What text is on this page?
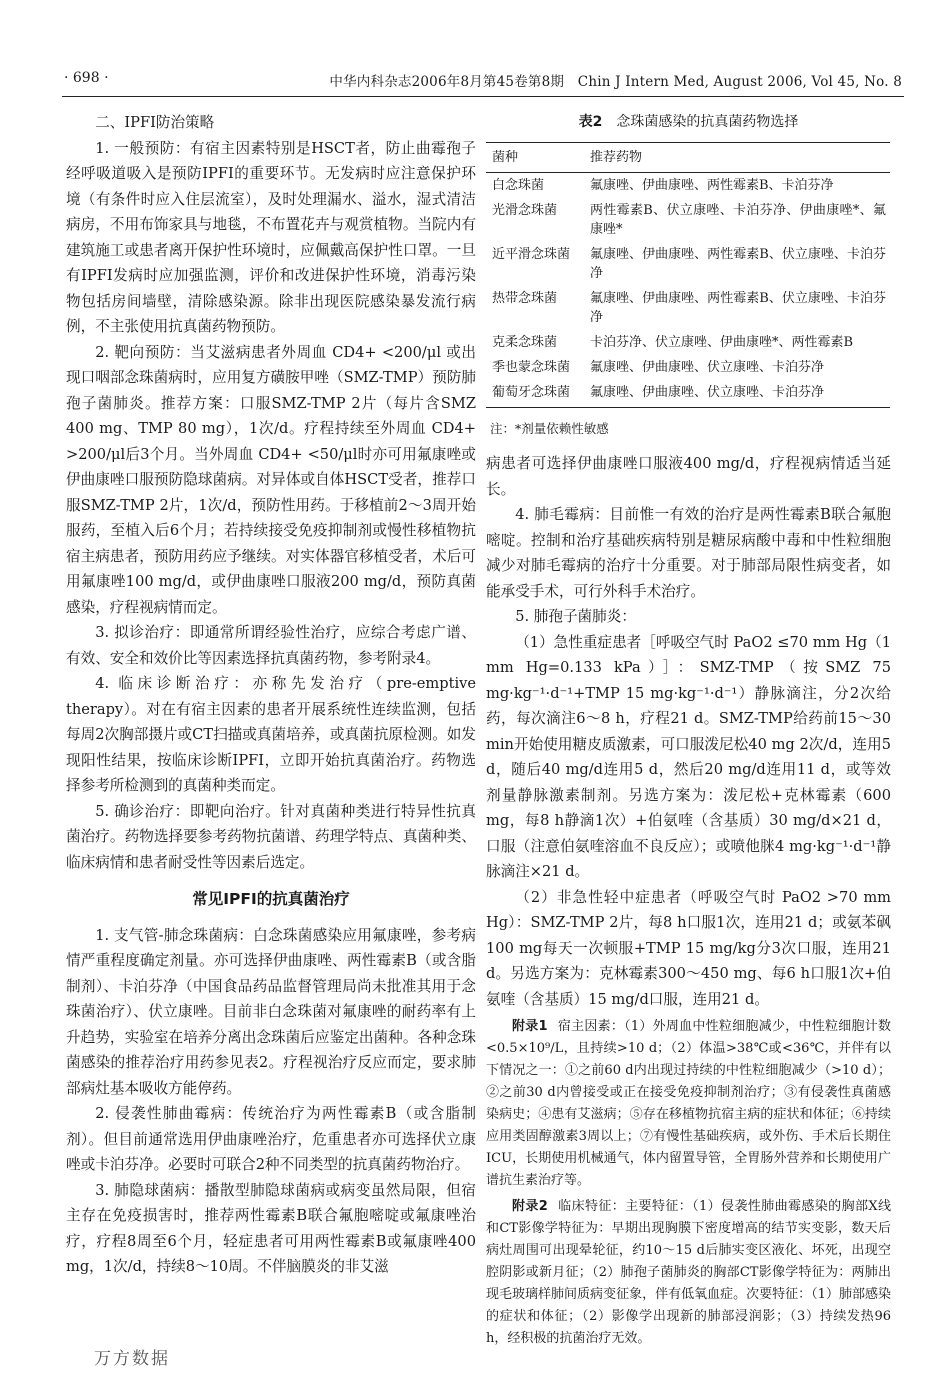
· 698 ·	中华内科杂志2006年8月第45卷第8期　Chin J Intern Med, August 2006, Vol 45, No. 8

二、IPFI防治策略

1. 一般预防：有宿主因素特别是HSCT者，防止曲霉孢子经呼吸道吸入是预防IPFI的重要环节。无发病时应注意保护环境（有条件时应入住层流室），及时处理漏水、溢水，湿式清洁病房，不用布饰家具与地毯，不布置花卉与观赏植物。当院内有建筑施工或患者离开保护性环境时，应佩戴高保护性口罩。一旦有IPFI发病时应加强监测，评价和改进保护性环境，消毒污染物包括房间墙壁，清除感染源。除非出现医院感染暴发流行病例，不主张使用抗真菌药物预防。

2. 靶向预防：当艾滋病患者外周血 CD4+ <200/μl 或出现口咽部念珠菌病时，应用复方磺胺甲唑（SMZ-TMP）预防肺孢子菌肺炎。推荐方案：口服SMZ-TMP 2片（每片含SMZ 400 mg、TMP 80 mg），1次/d。疗程持续至外周血 CD4+ >200/μl后3个月。当外周血 CD4+ <50/μl时亦可用氟康唑或伊曲康唑口服预防隐球菌病。对异体或自体HSCT受者，推荐口服SMZ-TMP 2片，1次/d，预防性用药。于移植前2～3周开始服药，至植入后6个月；若持续接受免疫抑制剂或慢性移植物抗宿主病患者，预防用药应予继续。对实体器官移植受者，术后可用氟康唑100 mg/d，或伊曲康唑口服液200 mg/d，预防真菌感染，疗程视病情而定。

3. 拟诊治疗：即通常所谓经验性治疗，应综合考虑广谱、有效、安全和效价比等因素选择抗真菌药物，参考附录4。

4. 临床诊断治疗：亦称先发治疗（pre-emptive therapy）。对在有宿主因素的患者开展系统性连续监测，包括每周2次胸部摄片或CT扫描或真菌培养，或真菌抗原检测。如发现阳性结果，按临床诊断IPFI，立即开始抗真菌治疗。药物选择参考所检测到的真菌种类而定。

5. 确诊治疗：即靶向治疗。针对真菌种类进行特异性抗真菌治疗。药物选择要参考药物抗菌谱、药理学特点、真菌种类、临床病情和患者耐受性等因素后选定。

常见IPFI的抗真菌治疗

1. 支气管-肺念珠菌病：白念珠菌感染应用氟康唑，参考病情严重程度确定剂量。亦可选择伊曲康唑、两性霉素B（或含脂制剂）、卡泊芬净（中国食品药品监督管理局尚未批准其用于念珠菌治疗）、伏立康唑。目前非白念珠菌对氟康唑的耐药率有上升趋势，实验室在培养分离出念珠菌后应鉴定出菌种。各种念珠菌感染的推荐治疗用药参见表2。疗程视治疗反应而定，要求肺部病灶基本吸收方能停药。

2. 侵袭性肺曲霉病：传统治疗为两性霉素B（或含脂制剂）。但目前通常选用伊曲康唑治疗，危重患者亦可选择伏立康唑或卡泊芬净。必要时可联合2种不同类型的抗真菌药物治疗。

3. 肺隐球菌病：播散型肺隐球菌病或病变虽然局限，但宿主存在免疫损害时，推荐两性霉素B联合氟胞嘧啶或氟康唑治疗，疗程8周至6个月，轻症患者可用两性霉素B或氟康唑400 mg，1次/d，持续8～10周。不伴脑膜炎的非艾滋

表2 念珠菌感染的抗真菌药物选择
菌种	推荐药物
白念珠菌	氟康唑、伊曲康唑、两性霉素B、卡泊芬净
光滑念珠菌	两性霉素B、伏立康唑、卡泊芬净、伊曲康唑*、氟康唑*
近平滑念珠菌	氟康唑、伊曲康唑、两性霉素B、伏立康唑、卡泊芬净
热带念珠菌	氟康唑、伊曲康唑、两性霉素B、伏立康唑、卡泊芬净
克柔念珠菌	卡泊芬净、伏立康唑、伊曲康唑*、两性霉素B
季也蒙念珠菌	氟康唑、伊曲康唑、伏立康唑、卡泊芬净
葡萄牙念珠菌	氟康唑、伊曲康唑、伏立康唑、卡泊芬净
注：*剂量依赖性敏感

病患者可选择伊曲康唑口服液400 mg/d，疗程视病情适当延长。

4. 肺毛霉病：目前惟一有效的治疗是两性霉素B联合氟胞嘧啶。控制和治疗基础疾病特别是糖尿病酸中毒和中性粒细胞减少对肺毛霉病的治疗十分重要。对于肺部局限性病变者，如能承受手术，可行外科手术治疗。

5. 肺孢子菌肺炎：

（1）急性重症患者［呼吸空气时 PaO2 ≤70 mm Hg（1 mm Hg=0.133 kPa）］：SMZ-TMP（按SMZ 75 mg·kg⁻¹·d⁻¹+TMP 15 mg·kg⁻¹·d⁻¹）静脉滴注，分2次给药，每次滴注6～8 h，疗程21 d。SMZ-TMP给药前15～30 min开始使用糖皮质激素，可口服泼尼松40 mg 2次/d，连用5 d，随后40 mg/d连用5 d，然后20 mg/d连用11 d，或等效剂量静脉激素制剂。另选方案为：泼尼松+克林霉素（600 mg，每8 h静滴1次）+伯氨喹（含基质）30 mg/d×21 d，口服（注意伯氨喹溶血不良反应）；或喷他脒4 mg·kg⁻¹·d⁻¹静脉滴注×21 d。

（2）非急性轻中症患者（呼吸空气时 PaO2 >70 mm Hg）：SMZ-TMP 2片，每8 h口服1次，连用21 d；或氨苯砜100 mg每天一次顿服+TMP 15 mg/kg分3次口服，连用21 d。另选方案为：克林霉素300～450 mg、每6 h口服1次+伯氨喹（含基质）15 mg/d口服，连用21 d。

附录1 宿主因素：（1）外周血中性粒细胞减少，中性粒细胞计数<0.5×10⁹/L，且持续>10 d；（2）体温>38℃或<36℃，并伴有以下情况之一：①之前60 d内出现过持续的中性粒细胞减少（>10 d）；②之前30 d内曾接受或正在接受免疫抑制剂治疗；③有侵袭性真菌感染病史；④患有艾滋病；⑤存在移植物抗宿主病的症状和体征；⑥持续应用类固醇激素3周以上；⑦有慢性基础疾病，或外伤、手术后长期住ICU，长期使用机械通气，体内留置导管，全胃肠外营养和长期使用广谱抗生素治疗等。

附录2 临床特征：主要特征：（1）侵袭性肺曲霉感染的胸部X线和CT影像学特征为：早期出现胸膜下密度增高的结节实变影，数天后病灶周围可出现晕轮征，约10～15 d后肺实变区液化、坏死，出现空腔阴影或新月征；（2）肺孢子菌肺炎的胸部CT影像学特征为：两肺出现毛玻璃样肺间质病变征象，伴有低氧血症。次要特征：（1）肺部感染的症状和体征；（2）影像学出现新的肺部浸润影；（3）持续发热96 h，经积极的抗菌治疗无效。

万方数据
